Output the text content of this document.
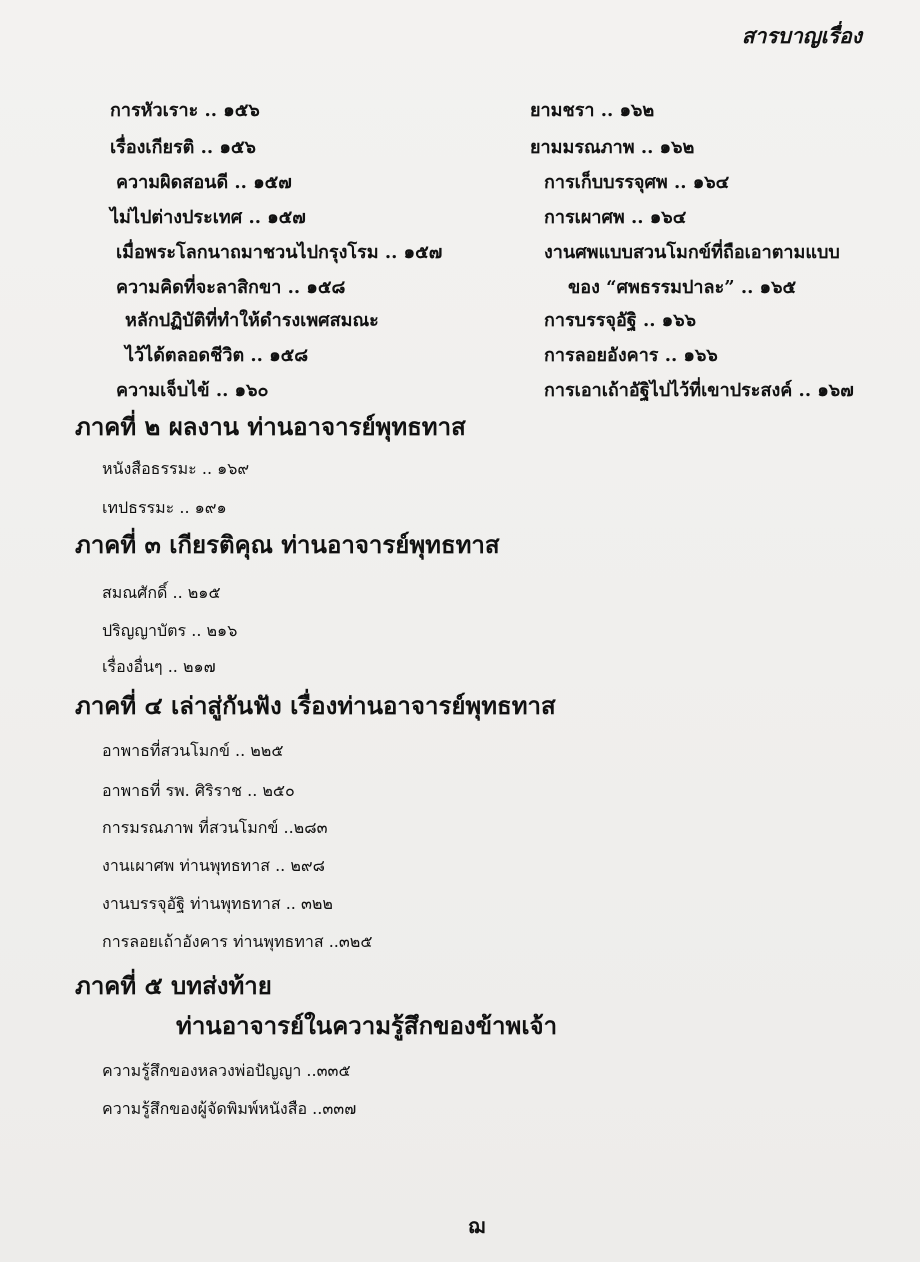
สารบาญเรื่อง
การหัวเราะ .. ๑๕๖
เรื่องเกียรติ .. ๑๕๖
ความผิดสอนดี .. ๑๕๗
ไม่ไปต่างประเทศ .. ๑๕๗
เมื่อพระโลกนาถมาชวนไปกรุงโรม .. ๑๕๗
ความคิดที่จะลาสิกขา .. ๑๕๘
หลักปฏิบัติที่ทำให้ดำรงเพศสมณะ
ไว้ได้ตลอดชีวิต .. ๑๕๘
ความเจ็บไข้ .. ๑๖๐
ยามชรา .. ๑๖๒
ยามมรณภาพ .. ๑๖๒
การเก็บบรรจุศพ .. ๑๖๔
การเผาศพ .. ๑๖๔
งานศพแบบสวนโมกข์ที่ถือเอาตามแบบ
ของ “ศพธรรมปาละ” .. ๑๖๕
การบรรจุอัฐิ .. ๑๖๖
การลอยอังคาร .. ๑๖๖
การเอาเถ้าอัฐิไปไว้ที่เขาประสงค์ .. ๑๖๗
ภาคที่ ๒ ผลงาน ท่านอาจารย์พุทธทาส
หนังสือธรรมะ .. ๑๖๙
เทปธรรมะ .. ๑๙๑
ภาคที่ ๓ เกียรติคุณ ท่านอาจารย์พุทธทาส
สมณศักดิ์ .. ๒๑๕
ปริญญาบัตร .. ๒๑๖
เรื่องอื่นๆ .. ๒๑๗
ภาคที่ ๔ เล่าสู่กันฟัง เรื่องท่านอาจารย์พุทธทาส
อาพาธที่สวนโมกข์ .. ๒๒๕
อาพาธที่ รพ. ศิริราช .. ๒๕๐
การมรณภาพ ที่สวนโมกข์ ..๒๘๓
งานเผาศพ ท่านพุทธทาส .. ๒๙๘
งานบรรจุอัฐิ ท่านพุทธทาส .. ๓๒๒
การลอยเถ้าอังคาร ท่านพุทธทาส ..๓๒๕
ภาคที่ ๕ บทส่งท้าย
ท่านอาจารย์ในความรู้สึกของข้าพเจ้า
ความรู้สึกของหลวงพ่อปัญญา ..๓๓๕
ความรู้สึกของผู้จัดพิมพ์หนังสือ ..๓๓๗
ฌ
